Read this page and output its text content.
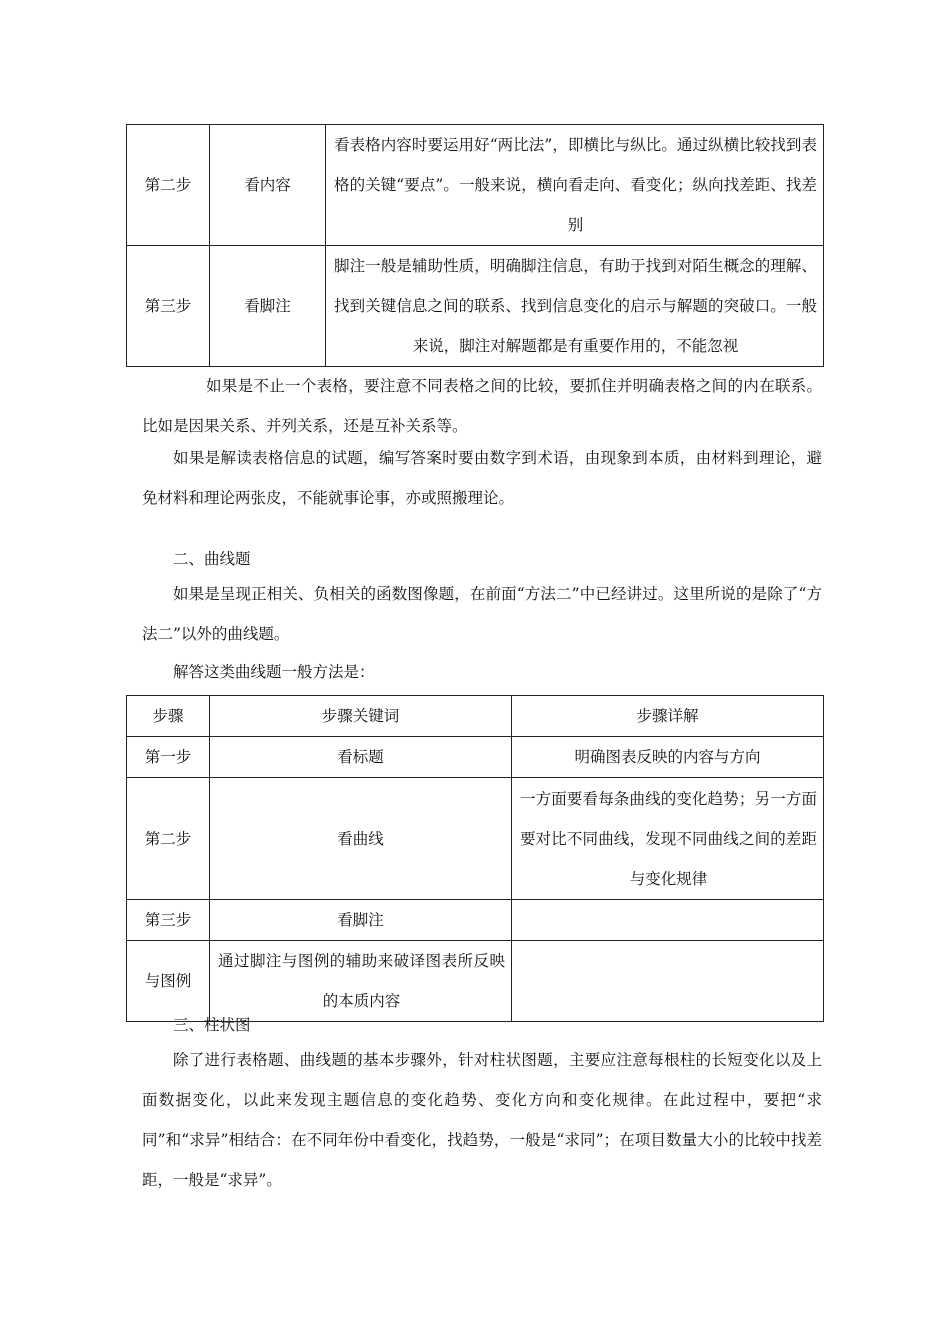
第二步	看内容	看表格内容时要运用好“两比法”，即横比与纵比。通过纵横比较找到表格的关键“要点”。一般来说，横向看走向、看变化；纵向找差距、找差别
第三步	看脚注	脚注一般是辅助性质，明确脚注信息，有助于找到对陌生概念的理解、找到关键信息之间的联系、找到信息变化的启示与解题的突破口。一般来说，脚注对解题都是有重要作用的，不能忽视
如果是不止一个表格，要注意不同表格之间的比较，要抓住并明确表格之间的内在联系。比如是因果关系、并列关系，还是互补关系等。
如果是解读表格信息的试题，编写答案时要由数字到术语，由现象到本质，由材料到理论，避免材料和理论两张皮，不能就事论事，亦或照搬理论。
二、曲线题
如果是呈现正相关、负相关的函数图像题，在前面“方法二”中已经讲过。这里所说的是除了“方法二”以外的曲线题。
解答这类曲线题一般方法是：
步骤	步骤关键词	步骤详解
第一步	看标题	明确图表反映的内容与方向
第二步	看曲线	一方面要看每条曲线的变化趋势；另一方面要对比不同曲线，发现不同曲线之间的差距与变化规律
第三步	看脚注	
与图例	通过脚注与图例的辅助来破译图表所反映的本质内容	
三、柱状图
除了进行表格题、曲线题的基本步骤外，针对柱状图题，主要应注意每根柱的长短变化以及上面数据变化，以此来发现主题信息的变化趋势、变化方向和变化规律。在此过程中，要把“求同”和“求异”相结合：在不同年份中看变化，找趋势，一般是“求同”；在项目数量大小的比较中找差距，一般是“求异”。
